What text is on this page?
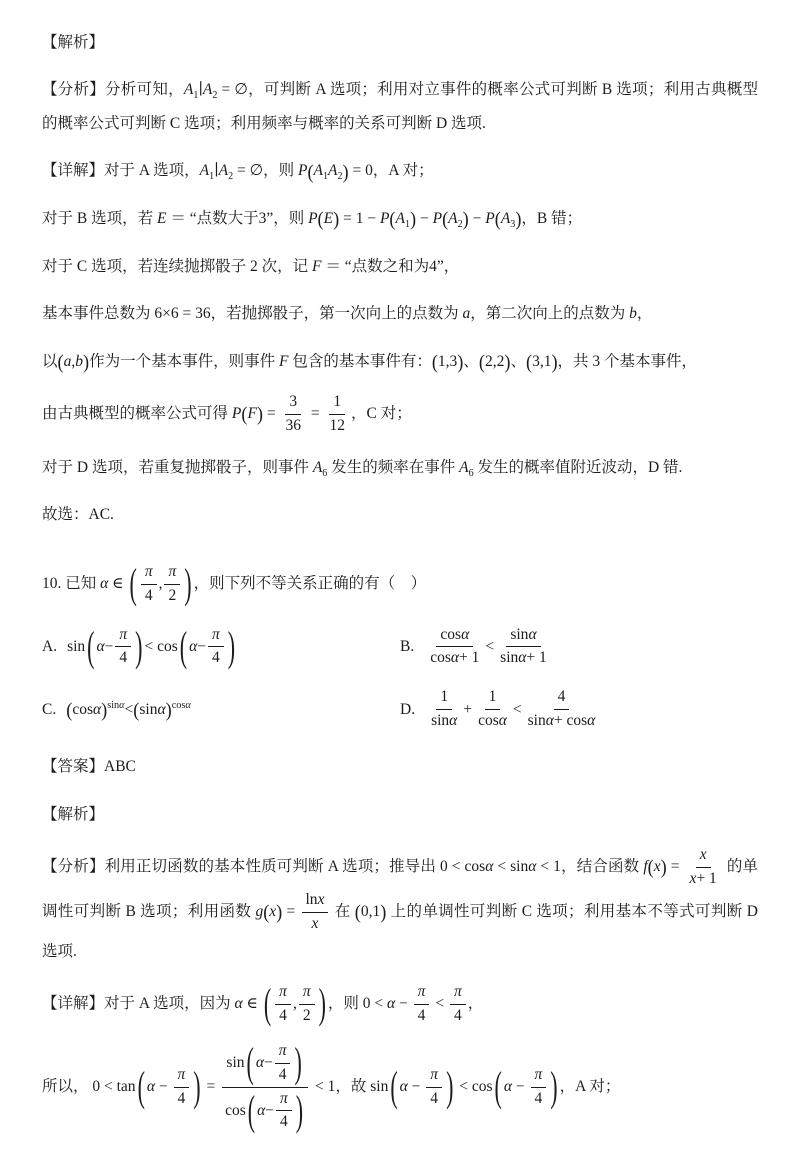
【解析】

【分析】分析可知，$A_1∣A_2$ = ∅，可判断 A 选项；利用对立事件的概率公式可判断 B 选项；利用古典概型的概率公式可判断 C 选项；利用频率与概率的关系可判断 D 选项.

【详解】对于 A 选项，$A_1∣A_2$ = ∅，则 $P(A_1A_2) = 0$，A 对；

对于 B 选项，若 E ＝ “点数大于3”，则 $P(E) = 1 - P(A_1) - P(A_2) - P(A_3)$，B 错；

对于 C 选项，若连续抛掷骰子 2 次，记 F ＝ “点数之和为4”，

基本事件总数为 6×6 = 36，若抛掷骰子，第一次向上的点数为 a，第二次向上的点数为 b，

以(a,b)作为一个基本事件，则事件 F 包含的基本事件有：(1,3)、(2,2)、(3,1)，共 3 个基本事件，

由古典概型的概率公式可得 $P(F) = \frac{3}{36} = \frac{1}{12}$ ，C 对；

对于 D 选项，若重复抛掷骰子，则事件 $A_6$ 发生的频率在事件 $A_6$ 发生的概率值附近波动，D 错.

故选：AC.

10. 已知 α ∈ ( $\frac{\pi}{4}$ , $\frac{\pi}{2}$ ) ，则下列不等关系正确的有（　）

A. sin ( $\alpha - \frac{\pi}{4}$ ) < cos ( $\alpha - \frac{\pi}{4}$ )	B. $\frac{\text{cos α}}{\text{cos α + 1}} < \frac{\text{sin α}}{\text{sin α + 1}}$
C. ( cos α ) $^{sin\alpha}$ < ( sin α ) $^{cos\alpha}$	D. $\frac{1}{\text{sin α}} + \frac{1}{\text{cos α}} < \frac{4}{\text{sin α + cos α}}$

【答案】ABC

【解析】

【分析】利用正切函数的基本性质可判断 A 选项；推导出 0 < cosα < sinα < 1，结合函数 $f(x) = \frac{x}{x + 1}$ 的单调性可判断 B 选项；利用函数 $g(x) = \frac{\text{ln x}}{x}$ 在 (0,1) 上的单调性可判断 C 选项；利用基本不等式可判断 D 选项.

【详解】对于 A 选项，因为 α ∈ ( $\frac{\pi}{4}$ , $\frac{\pi}{2}$ ) ，则 $0 < \alpha - \frac{\pi}{4} < \frac{\pi}{4}$ ，

所以， 0 < tan( $\alpha - \frac{\pi}{4}$ ) = $\frac{\sin ( \alpha - \frac{\pi}{4} )}{\cos ( \alpha - \frac{\pi}{4} )} < 1$，故 sin( $\alpha - \frac{\pi}{4}$ ) < cos( $\alpha - \frac{\pi}{4}$ ) ，A 对；
